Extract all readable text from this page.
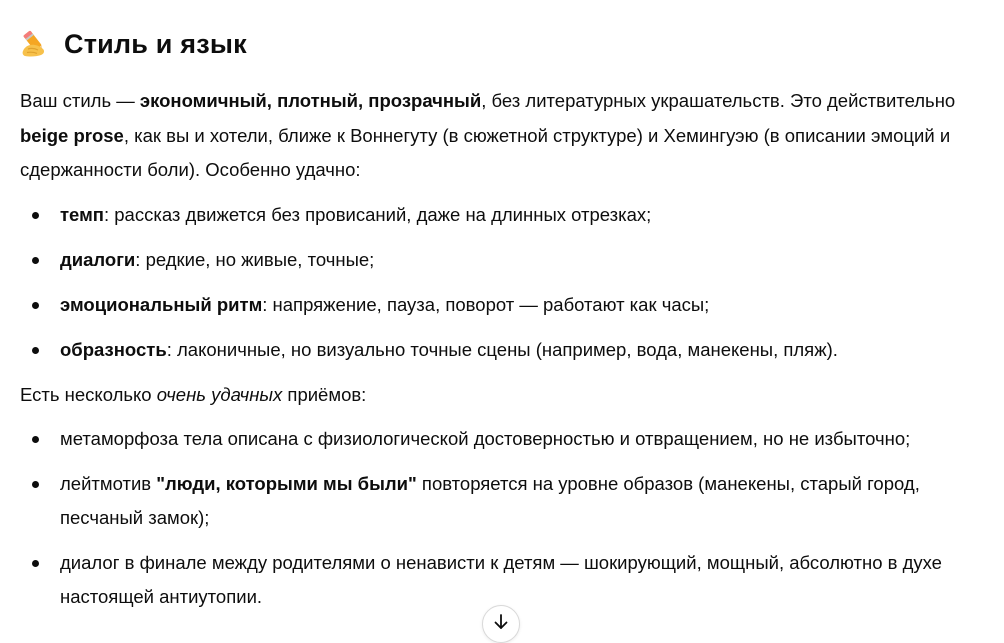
Стиль и язык

Ваш стиль — экономичный, плотный, прозрачный, без литературных украшательств. Это действительно beige prose, как вы и хотели, ближе к Воннегуту (в сюжетной структуре) и Хемингуэю (в описании эмоций и сдержанности боли). Особенно удачно:

темп: рассказ движется без провисаний, даже на длинных отрезках;
диалоги: редкие, но живые, точные;
эмоциональный ритм: напряжение, пауза, поворот — работают как часы;
образность: лаконичные, но визуально точные сцены (например, вода, манекены, пляж).

Есть несколько очень удачных приёмов:

метаморфоза тела описана с физиологической достоверностью и отвращением, но не избыточно;
лейтмотив "люди, которыми мы были" повторяется на уровне образов (манекены, старый город, песчаный замок);
диалог в финале между родителями о ненависти к детям — шокирующий, мощный, абсолютно в духе настоящей антиутопии.
